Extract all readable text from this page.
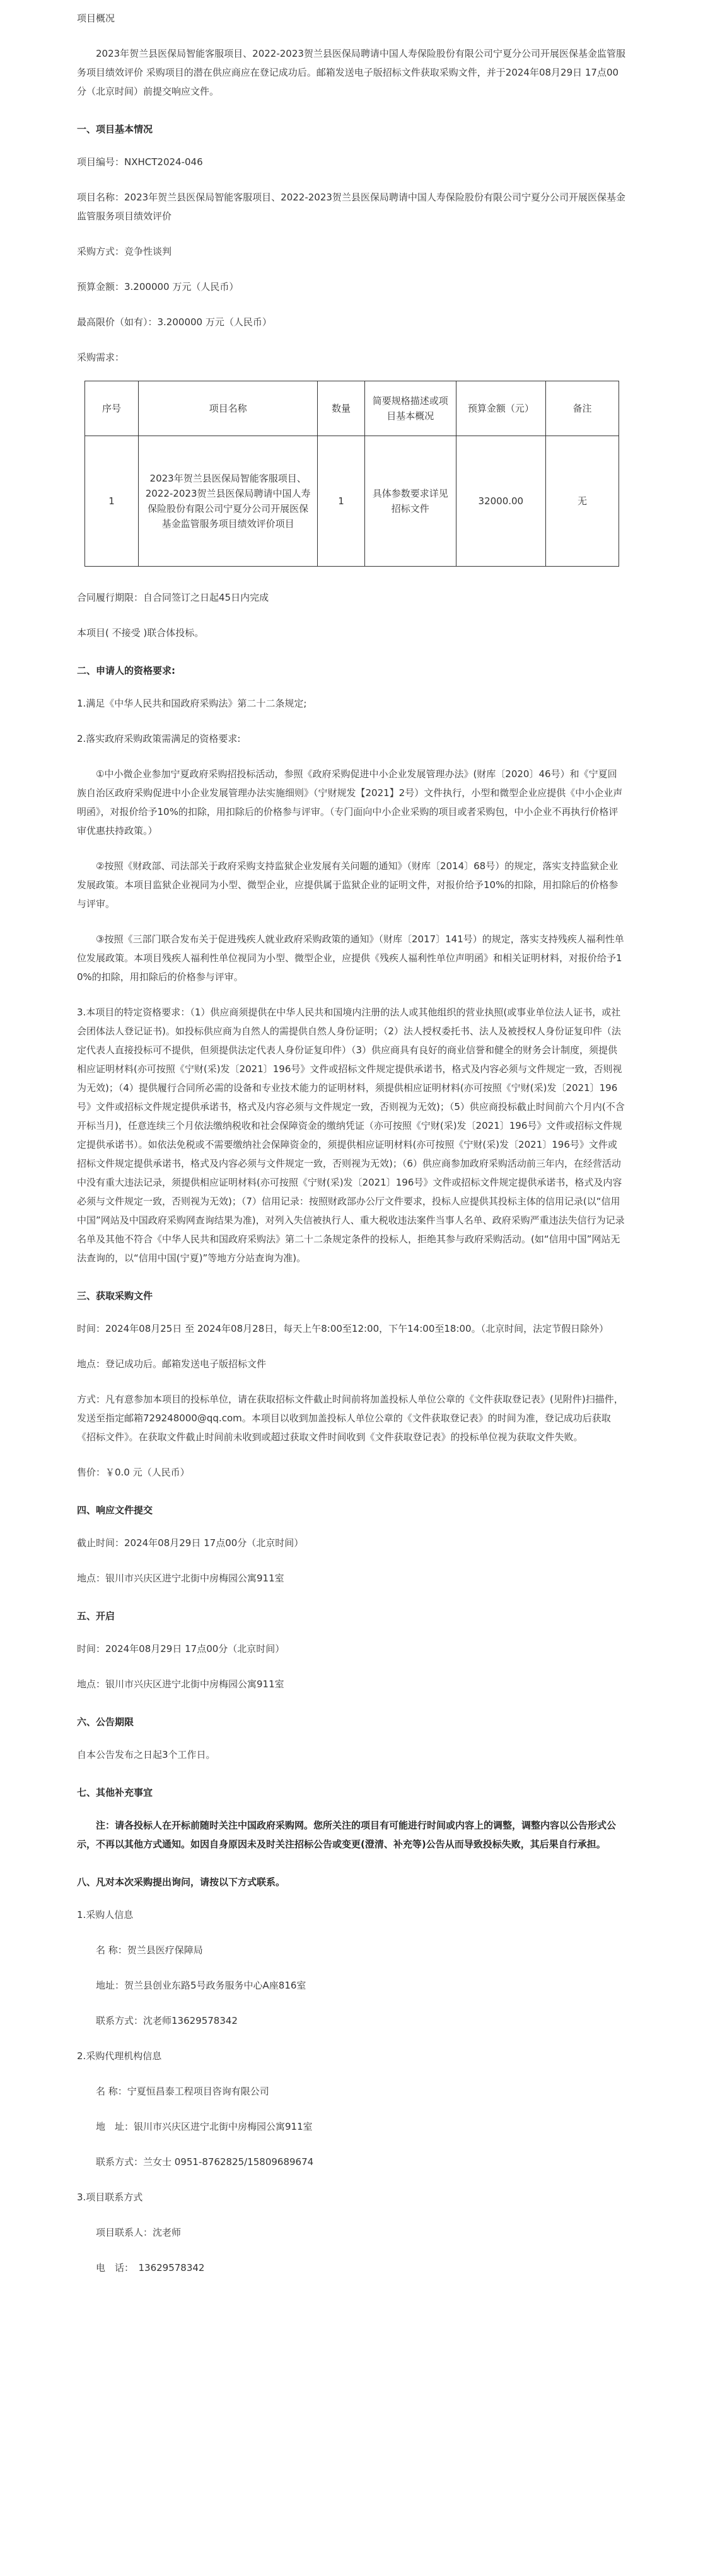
项目概况
2023年贺兰县医保局智能客服项目、2022-2023贺兰县医保局聘请中国人寿保险股份有限公司宁夏分公司开展医保基金监管服务项目绩效评价 采购项目的潜在供应商应在登记成功后。邮箱发送电子版招标文件获取采购文件，并于2024年08月29日 17点00分（北京时间）前提交响应文件。
一、项目基本情况
项目编号：NXHCT2024-046
项目名称：2023年贺兰县医保局智能客服项目、2022-2023贺兰县医保局聘请中国人寿保险股份有限公司宁夏分公司开展医保基金监管服务项目绩效评价
采购方式：竞争性谈判
预算金额：3.200000 万元（人民币）
最高限价（如有）：3.200000 万元（人民币）
采购需求：
序号	项目名称	数量	简要规格描述或项目基本概况	预算金额（元）	备注
1	2023年贺兰县医保局智能客服项目、2022-2023贺兰县医保局聘请中国人寿保险股份有限公司宁夏分公司开展医保基金监管服务项目绩效评价项目	1	具体参数要求详见招标文件	32000.00	无
合同履行期限：自合同签订之日起45日内完成
本项目( 不接受 )联合体投标。
二、申请人的资格要求:
1.满足《中华人民共和国政府采购法》第二十二条规定;
2.落实政府采购政策需满足的资格要求:
①中小微企业参加宁夏政府采购招投标活动，参照《政府采购促进中小企业发展管理办法》(财库〔2020〕46号）和《宁夏回族自治区政府采购促进中小企业发展管理办法实施细则》（宁财规发【2021】2号）文件执行，小型和微型企业应提供《中小企业声明函》，对报价给予10%的扣除，用扣除后的价格参与评审。（专门面向中小企业采购的项目或者采购包，中小企业不再执行价格评审优惠扶持政策。）
②按照《财政部、司法部关于政府采购支持监狱企业发展有关问题的通知》（财库〔2014〕68号）的规定，落实支持监狱企业发展政策。本项目监狱企业视同为小型、微型企业，应提供属于监狱企业的证明文件，对报价给予10%的扣除，用扣除后的价格参与评审。
③按照《三部门联合发布关于促进残疾人就业政府采购政策的通知》（财库〔2017〕141号）的规定，落实支持残疾人福利性单位发展政策。本项目残疾人福利性单位视同为小型、微型企业，应提供《残疾人福利性单位声明函》和相关证明材料，对报价给予10%的扣除，用扣除后的价格参与评审。
3.本项目的特定资格要求：（1）供应商须提供在中华人民共和国境内注册的法人或其他组织的营业执照(或事业单位法人证书，或社会团体法人登记证书)。如投标供应商为自然人的需提供自然人身份证明；（2）法人授权委托书、法人及被授权人身份证复印件（法定代表人直接投标可不提供，但须提供法定代表人身份证复印件）（3）供应商具有良好的商业信誉和健全的财务会计制度，须提供相应证明材料(亦可按照《宁财(采)发〔2021〕196号》文件或招标文件规定提供承诺书，格式及内容必须与文件规定一致，否则视为无效)；（4）提供履行合同所必需的设备和专业技术能力的证明材料，须提供相应证明材料(亦可按照《宁财(采)发〔2021〕196号》文件或招标文件规定提供承诺书，格式及内容必须与文件规定一致，否则视为无效)；（5）供应商投标截止时间前六个月内(不含开标当月)，任意连续三个月依法缴纳税收和社会保障资金的缴纳凭证（亦可按照《宁财(采)发〔2021〕196号》文件或招标文件规定提供承诺书）。如依法免税或不需要缴纳社会保障资金的，须提供相应证明材料(亦可按照《宁财(采)发〔2021〕196号》文件或招标文件规定提供承诺书，格式及内容必须与文件规定一致，否则视为无效)；（6）供应商参加政府采购活动前三年内，在经营活动中没有重大违法记录，须提供相应证明材料(亦可按照《宁财(采)发〔2021〕196号》文件或招标文件规定提供承诺书，格式及内容必须与文件规定一致，否则视为无效)；（7）信用记录：按照财政部办公厅文件要求，投标人应提供其投标主体的信用记录(以“信用中国”网站及中国政府采购网查询结果为准)，对列入失信被执行人、重大税收违法案件当事人名单、政府采购严重违法失信行为记录名单及其他不符合《中华人民共和国政府采购法》第二十二条规定条件的投标人，拒绝其参与政府采购活动。(如“信用中国”网站无法查询的，以“信用中国(宁夏)”等地方分站查询为准)。
三、获取采购文件
时间：2024年08月25日 至 2024年08月28日，每天上午8:00至12:00，下午14:00至18:00。（北京时间，法定节假日除外）
地点：登记成功后。邮箱发送电子版招标文件
方式：凡有意参加本项目的投标单位，请在获取招标文件截止时间前将加盖投标人单位公章的《文件获取登记表》(见附件)扫描件，发送至指定邮箱729248000@qq.com。本项目以收到加盖投标人单位公章的《文件获取登记表》的时间为准，登记成功后获取《招标文件》。在获取文件截止时间前未收到或超过获取文件时间收到《文件获取登记表》的投标单位视为获取文件失败。
售价：￥0.0 元（人民币）
四、响应文件提交
截止时间：2024年08月29日 17点00分（北京时间）
地点：银川市兴庆区进宁北街中房梅园公寓911室
五、开启
时间：2024年08月29日 17点00分（北京时间）
地点：银川市兴庆区进宁北街中房梅园公寓911室
六、公告期限
自本公告发布之日起3个工作日。
七、其他补充事宜
注：请各投标人在开标前随时关注中国政府采购网。您所关注的项目有可能进行时间或内容上的调整，调整内容以公告形式公示，不再以其他方式通知。如因自身原因未及时关注招标公告或变更(澄清、补充等)公告从而导致投标失败，其后果自行承担。
八、凡对本次采购提出询问，请按以下方式联系。
1.采购人信息
名 称：贺兰县医疗保障局
地址：贺兰县创业东路5号政务服务中心A座816室
联系方式：沈老师13629578342
2.采购代理机构信息
名 称：宁夏恒昌泰工程项目咨询有限公司
地　址：银川市兴庆区进宁北街中房梅园公寓911室
联系方式：兰女士 0951-8762825/15809689674
3.项目联系方式
项目联系人：沈老师
电　话：　13629578342
